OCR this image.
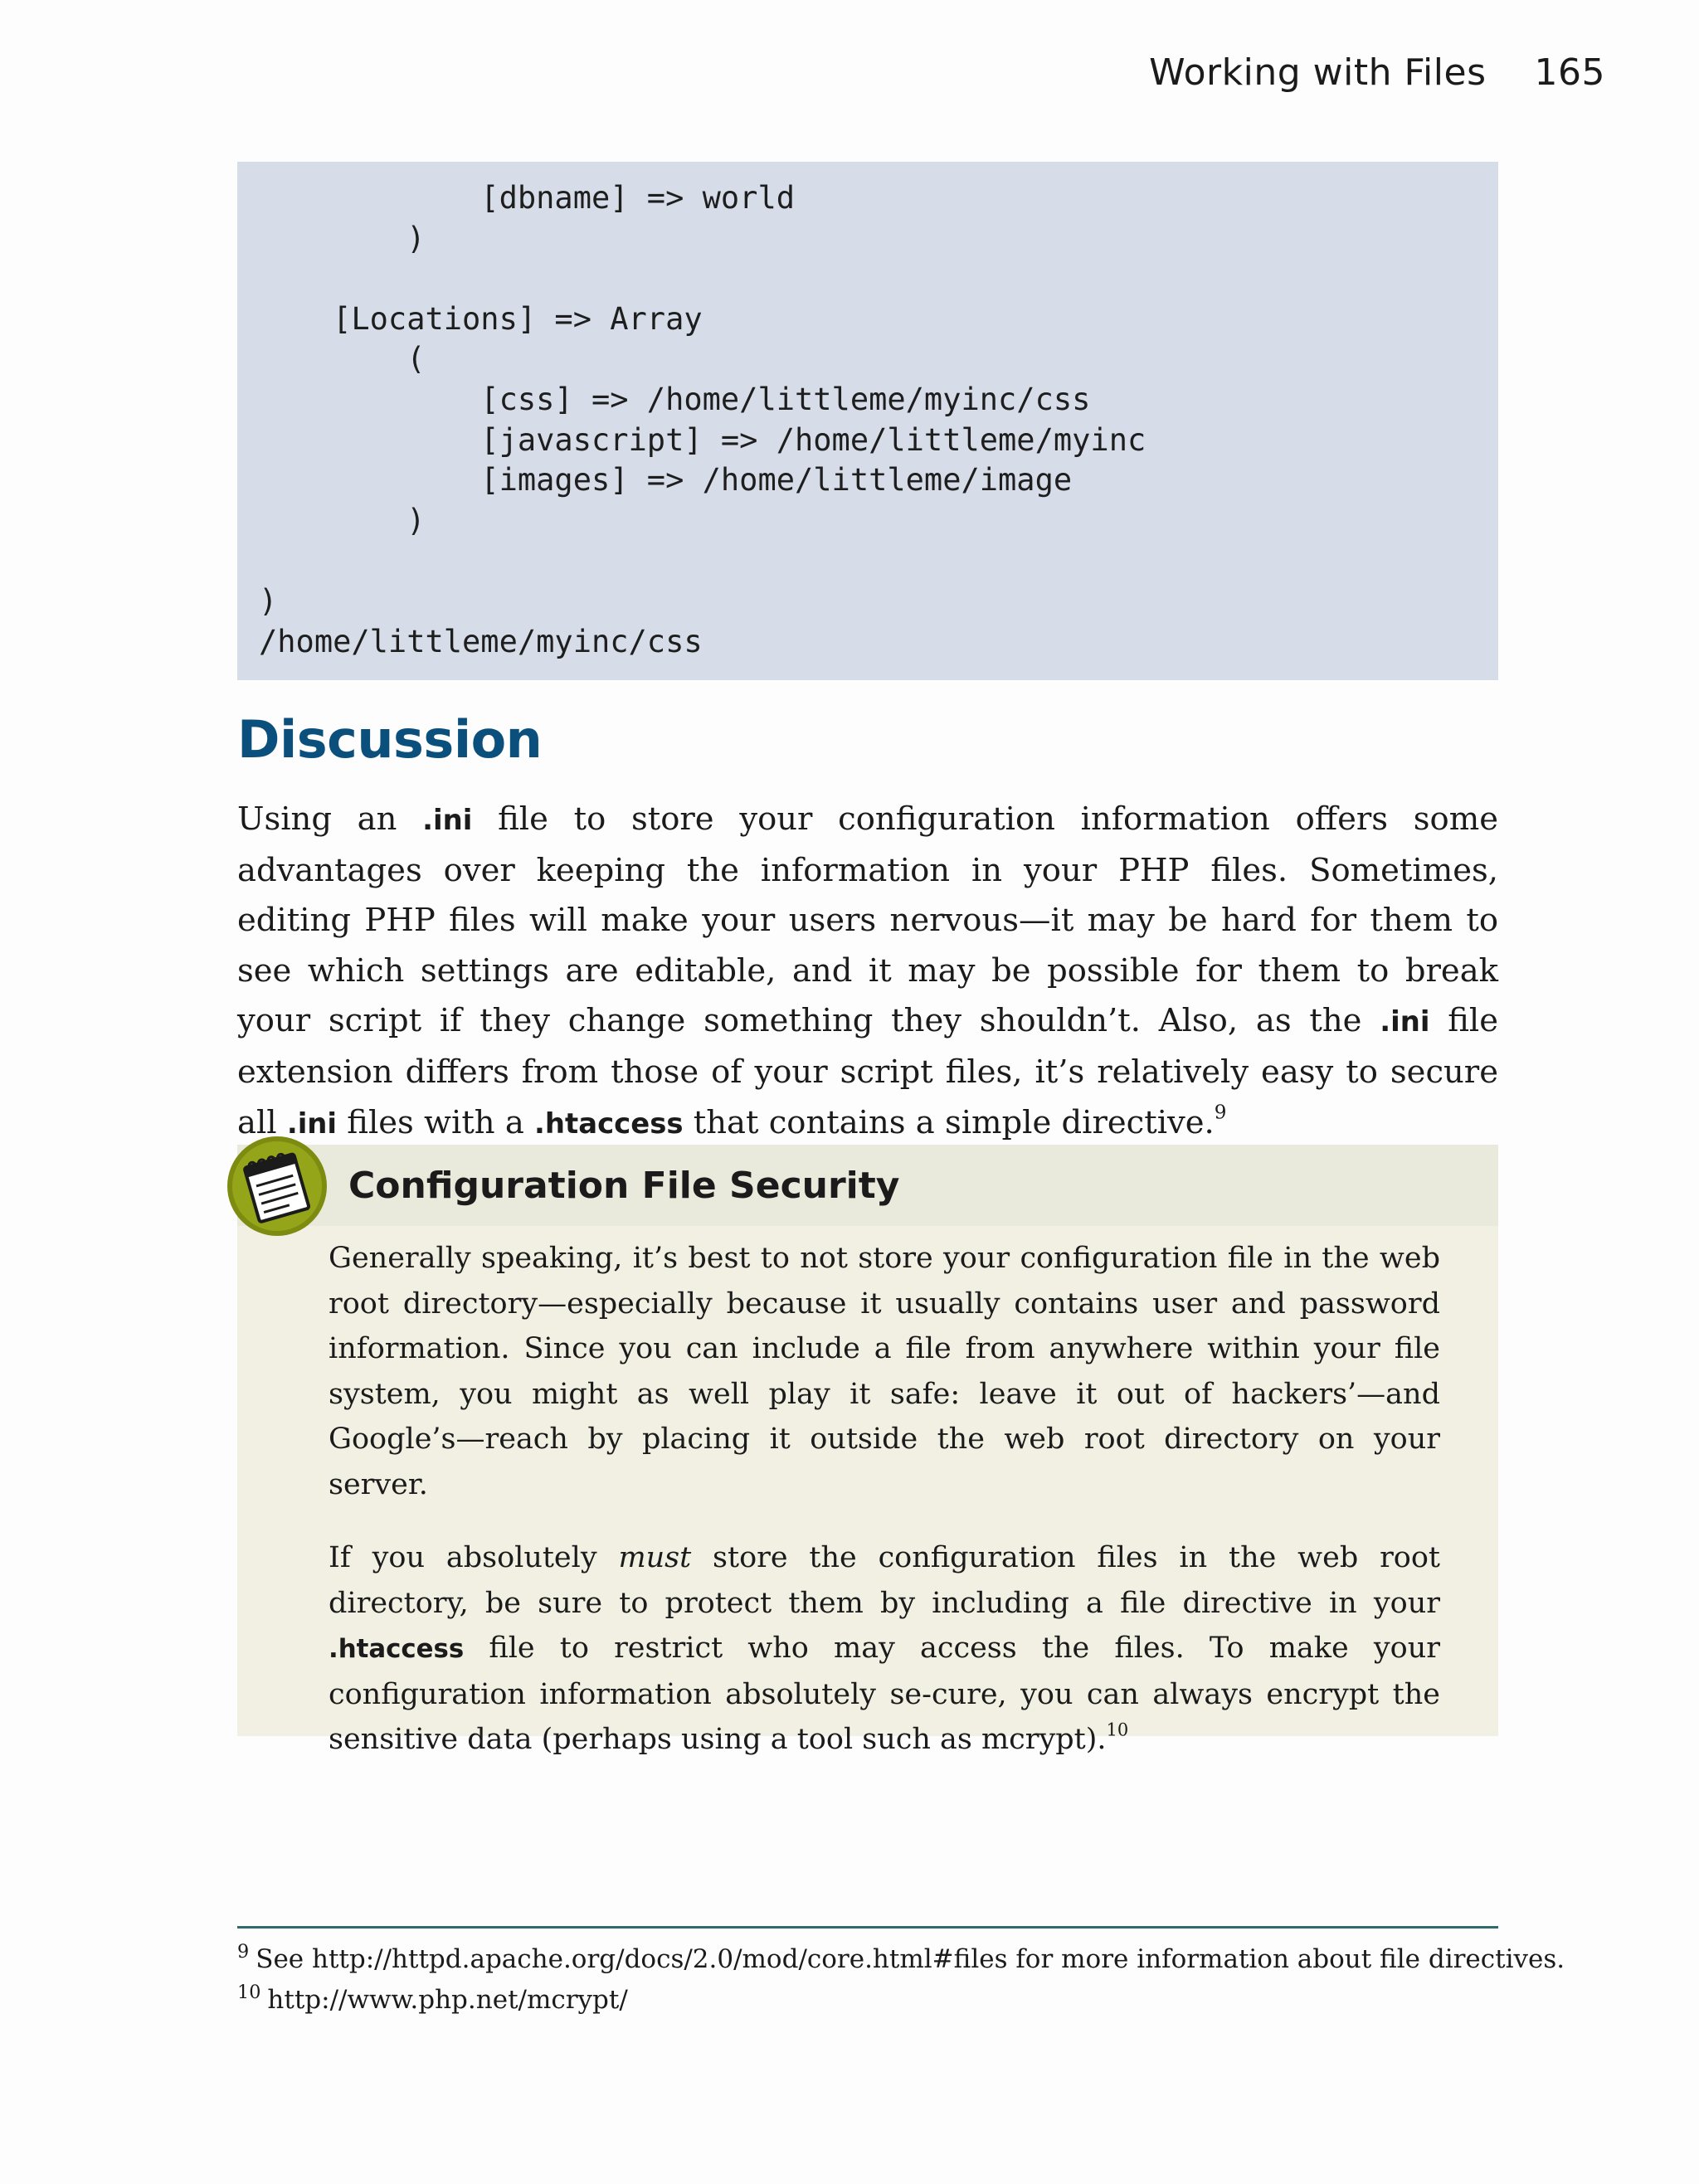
Working with Files 165
[dbname] => world
)

[Locations] => Array
(
[css] => /home/littleme/myinc/css
[javascript] => /home/littleme/myinc
[images] => /home/littleme/image
)

)
/home/littleme/myinc/css
Discussion

Using an .ini file to store your configuration information offers some advantages over keeping the information in your PHP files. Sometimes, editing PHP files will make your users nervous—it may be hard for them to see which settings are editable, and it may be possible for them to break your script if they change something they shouldn’t. Also, as the .ini file extension differs from those of your script files, it’s relatively easy to secure all .ini files with a .htaccess that contains a simple directive.$^9$

Configuration File Security

Generally speaking, it’s best to not store your configuration file in the web root directory—especially because it usually contains user and password information. Since you can include a file from anywhere within your file system, you might as well play it safe: leave it out of hackers’—and Google’s—reach by placing it outside the web root directory on your server.

If you absolutely must store the configuration files in the web root directory, be sure to protect them by including a file directive in your .htaccess file to restrict who may access the files. To make your configuration information absolutely se-cure, you can always encrypt the sensitive data (perhaps using a tool such as mcrypt).$^{10}$

$^9$ See http://httpd.apache.org/docs/2.0/mod/core.html#files for more information about file directives.

$^{10}$ http://www.php.net/mcrypt/
